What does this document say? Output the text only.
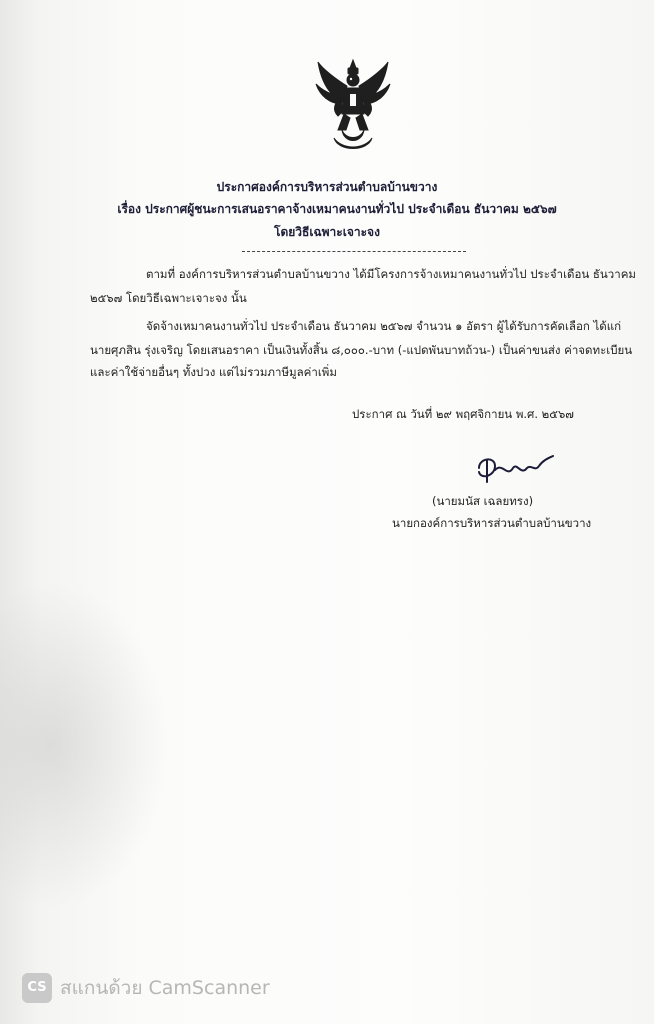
ประกาศองค์การบริหารส่วนตำบลบ้านขวาง
เรื่อง ประกาศผู้ชนะการเสนอราคาจ้างเหมาคนงานทั่วไป ประจำเดือน ธันวาคม ๒๕๖๗
โดยวิธีเฉพาะเจาะจง
ตามที่ องค์การบริหารส่วนตำบลบ้านขวาง ได้มีโครงการจ้างเหมาคนงานทั่วไป ประจำเดือน ธันวาคม
๒๕๖๗ โดยวิธีเฉพาะเจาะจง นั้น
จัดจ้างเหมาคนงานทั่วไป ประจำเดือน ธันวาคม ๒๕๖๗ จำนวน ๑ อัตรา ผู้ได้รับการคัดเลือก ได้แก่
นายศุภสิน รุ่งเจริญ โดยเสนอราคา เป็นเงินทั้งสิ้น ๘,๐๐๐.-บาท (-แปดพันบาทถ้วน-) เป็นค่าขนส่ง ค่าจดทะเบียน
และค่าใช้จ่ายอื่นๆ ทั้งปวง แต่ไม่รวมภาษีมูลค่าเพิ่ม
ประกาศ ณ วันที่ ๒๙ พฤศจิกายน พ.ศ. ๒๕๖๗
(นายมนัส เฉลยทรง)
นายกองค์การบริหารส่วนตำบลบ้านขวาง
CS สแกนด้วย CamScanner
